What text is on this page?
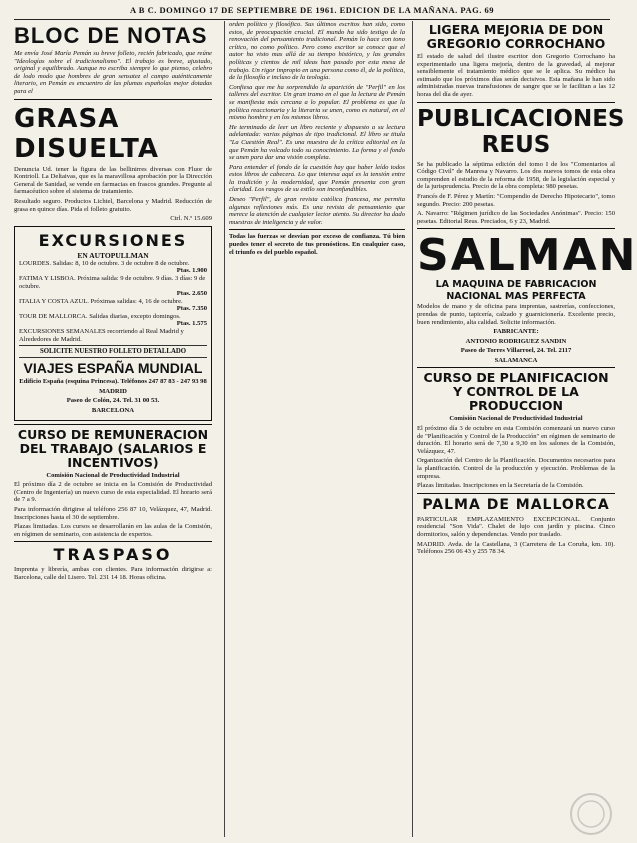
A B C. DOMINGO 17 DE SEPTIEMBRE DE 1961. EDICION DE LA MAÑANA. PAG. 69
BLOC DE NOTAS

Me envía José María Pemán su breve folleto, recién fabricado, que reúne "Ideologías sobre el tradicionalismo". El trabajo es breve, ajustado, original y equilibrado. Aunque no escriba siempre lo que pienso, celebro de lodo modo que hombres de gran sensatez el campo auténticamente literario, en Pemán es encuentro de las plumas españolas mejor dotadas para el

GRASA DISUELTA

Denuncia Ud. tener la figura de las bellinirres diversas con Fluor de Kontrioll. La Deltaivas, que es la maravillosa aprobación por la Dirección General de Sanidad, se vende en farmacias en frascos grandes. Pregunte al farmacéutico sobre el sistema de tratamiento.

Resultado seguro. Productos Lichtel, Barcelona y Madrid. Reducción de grasa en quince días. Pida el folleto gratuito.

Ctrl. N.º 15.609

EXCURSIONES
EN AUTOPULLMAN
LOURDES. Salidas: 8, 10 de octubre. 3 de octubre 8 de octubre.
Ptas. 1.900
FATIMA Y LISBOA. Próxima salida: 9 de octubre. 9 días. 3 días: 9 de octubre.
Ptas. 2.650
ITALIA Y COSTA AZUL. Próximas salidas: 4, 16 de octubre.
Ptas. 7.350
TOUR DE MALLORCA. Salidas diarias, excepto domingos.
Ptas. 1.575
EXCURSIONES SEMANALES recorriendo al Real Madrid y Alrededores de Madrid.
SOLICITE NUESTRO FOLLETO DETALLADO
VIAJES ESPAÑA MUNDIAL

Edificio España (esquina Princesa). Teléfonos 247 87 83 - 247 93 98

MADRID

Paseo de Colón, 24. Tel. 31 00 53.

BARCELONA

CURSO DE REMUNERACION DEL TRABAJO (SALARIOS E INCENTIVOS)

Comisión Nacional de Productividad Industrial

El próximo día 2 de octubre se inicia en la Comisión de Productividad (Centro de Ingeniería) un nuevo curso de esta especialidad. El horario será de 7 a 9.

Para información dirigirse al teléfono 256 87 10, Velázquez, 47, Madrid. Inscripciones hasta el 30 de septiembre.

Plazas limitadas. Los cursos se desarrollarán en las aulas de la Comisión, en régimen de seminario, con asistencia de expertos.

TRASPASO

Imprenta y librería, ambas con clientes. Para información dirigirse a: Barcelona, calle del Lisero. Tel. 231 14 18. Horas oficina.

orden político y filosófico. Sus últimos escritos han sido, como estos, de preocupación crucial. El mundo ha sido testigo de la renovación del pensamiento tradicional. Pemán lo hace con tono crítico, no como político. Pero como escritor se conoce que el autor ha visto mas allá de su tiempo histórico, y las grandes políticas y cientos de mil ideas han pasado por esta mesa de trabajo. Un rigor impropio en una persona como él, de la política, de la filosofía e incluso de la teología.

Confiesa que me ha sorprendido la aparición de "Perfil" en los talleres del escritor. Un gran tramo en el que la lectura de Pemán se manifiesta más cercana a lo popular. El problema es que la política reaccionaria y la literaria se unen, como es natural, en el mismo hombre y en los mismos libros.

He terminado de leer un libro reciente y dispuesto a su lectura adelantada: varias páginas de tipo tradicional. El libro se titula "La Cuestión Real". Es una muestra de la crítica editorial en la que Pemán ha volcado todo su conocimiento. La forma y el fondo se unen para dar una visión completa.

Para entender el fondo de la cuestión hay que haber leído todos estos libros de cabecera. Lo que interesa aquí es la tensión entre la tradición y la modernidad, que Pemán presenta con gran claridad. Los rasgos de su estilo son inconfundibles.

Deseo "Perfil", de gran revista católica francesa, me permita algunas reflexiones más. Es una revista de pensamiento que merece la atención de cualquier lector atento. Su director ha dado muestras de inteligencia y de valor.

Todas las fuerzas se desvían por exceso de confianza. Tú bien puedes tener el secreto de tus pronósticos. En cualquier caso, el triunfo es del pueblo español.

LIGERA MEJORIA DE DON GREGORIO CORROCHANO

El estado de salud del ilustre escritor don Gregorio Corrochano ha experimentado una ligera mejoría, dentro de la gravedad, al mejorar sensiblemente el tratamiento médico que se le aplica. Su médico ha estimado que los próximos días serán decisivos. Esta mañana le han sido administradas nuevas transfusiones de sangre que se le facilitan a las 12 horas del día de ayer.

PUBLICACIONES REUS

Se ha publicado la séptima edición del tomo I de los "Comentarios al Código Civil" de Manresa y Navarro. Los dos nuevos tomos de esta obra comprenden el estudio de la reforma de 1958, de la legislación especial y de la jurisprudencia. Precio de la obra completa: 980 pesetas.

Francés de F. Pérez y Martín: "Compendio de Derecho Hipotecario", tomo segundo. Precio: 200 pesetas.

A. Navarro: "Régimen jurídico de las Sociedades Anónimas". Precio: 150 pesetas. Editorial Reus. Preciados, 6 y 23, Madrid.

SALMAN
LA MAQUINA DE FABRICACION
NACIONAL MAS PERFECTA

Modelos de mano y de oficina para imprentas, sastrerías, confecciones, prendas de punto, tapicería, calzado y guarnicionería. Excelente precio, buen rendimiento, alta calidad. Solicite información.

FABRICANTE:

ANTONIO RODRIGUEZ SANDIN

Paseo de Torres Villarroel, 24. Tel. 2117

SALAMANCA

CURSO DE PLANIFICACION Y CONTROL DE LA PRODUCCION

Comisión Nacional de Productividad Industrial

El próximo día 3 de octubre en esta Comisión comenzará un nuevo curso de "Planificación y Control de la Producción" en régimen de seminario de duración. El horario será de 7,30 a 9,30 en los salones de la Comisión, Velázquez, 47.

Organización del Centro de la Planificación. Documentos necesarios para la planificación. Control de la producción y ejecución. Problemas de la empresa.

Plazas limitadas. Inscripciones en la Secretaría de la Comisión.

PALMA DE MALLORCA

PARTICULAR EMPLAZAMIENTO EXCEPCIONAL. Conjunto residencial "Son Vida". Chalet de lujo con jardín y piscina. Cinco dormitorios, salón y dependencias. Vendo por traslado.

MADRID. Avda. de la Castellana, 3 (Carretera de La Coruña, km. 10). Teléfonos 256 06 43 y 255 78 34.
